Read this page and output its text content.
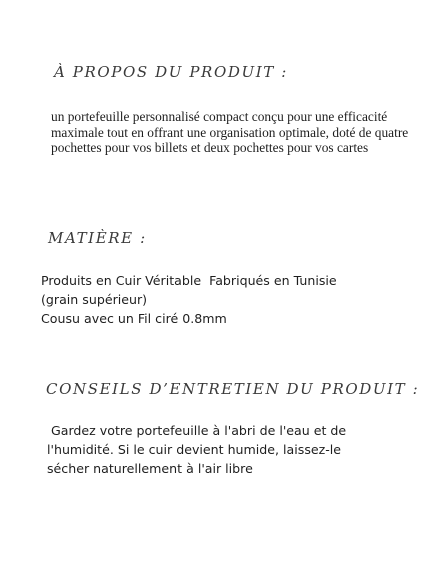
À PROPOS DU PRODUIT :
un portefeuille personnalisé compact conçu pour une efficacité
maximale tout en offrant une organisation optimale, doté de quatre
pochettes pour vos billets et deux pochettes pour vos cartes
MATIÈRE :
Produits en Cuir Véritable  Fabriqués en Tunisie
(grain supérieur)
Cousu avec un Fil ciré 0.8mm
CONSEILS D’ENTRETIEN DU PRODUIT :
Gardez votre portefeuille à l'abri de l'eau et de
l'humidité. Si le cuir devient humide, laissez-le
sécher naturellement à l'air libre
